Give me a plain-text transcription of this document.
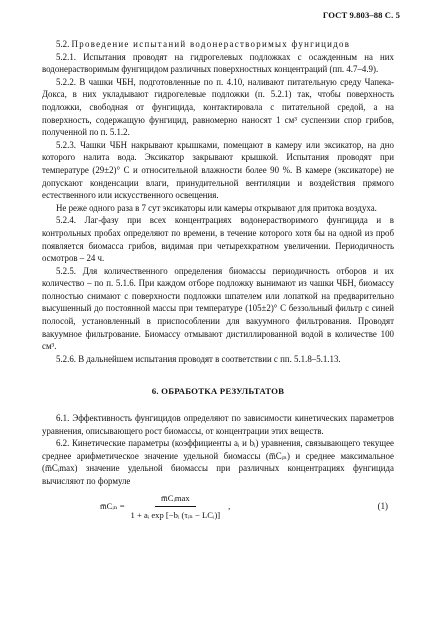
ГОСТ 9.803–88 С. 5

5.2. Проведение испытаний водонерастворимых фунгицидов

5.2.1. Испытания проводят на гидрогелевых подложках с осажденным на них водонерастворимым фунгицидом различных поверхностных концентраций (пп. 4.7–4.9).

5.2.2. В чашки ЧБН, подготовленные по п. 4.10, наливают питательную среду Чапека-Докса, в них укладывают гидрогелевые подложки (п. 5.2.1) так, чтобы поверхность подложки, свободная от фунгицида, контактировала с питательной средой, а на поверхность, содержащую фунгицид, равномерно наносят 1 см³ суспензии спор грибов, полученной по п. 5.1.2.

5.2.3. Чашки ЧБН накрывают крышками, помещают в камеру или эксикатор, на дно которого налита вода. Эксикатор закрывают крышкой. Испытания проводят при температуре (29±2)° С и относительной влажности более 90 %. В камере (эксикаторе) не допускают конденсации влаги, принудительной вентиляции и воздействия прямого естественного или искусственного освещения.

Не реже одного раза в 7 сут эксикаторы или камеры открывают для притока воздуха.

5.2.4. Лаг-фазу при всех концентрациях водонерастворимого фунгицида и в контрольных пробах определяют по времени, в течение которого хотя бы на одной из проб появляется биомасса грибов, видимая при четырехкратном увеличении. Периодичность осмотров – 24 ч.

5.2.5. Для количественного определения биомассы периодичность отборов и их количество – по п. 5.1.6. При каждом отборе подложку вынимают из чашки ЧБН, биомассу полностью снимают с поверхности подложки шпателем или лопаткой на предварительно высушенный до постоянной массы при температуре (105±2)° С беззольный фильтр с синей полосой, установленный в приспособлении для вакуумного фильтрования. Проводят вакуумное фильтрование. Биомассу отмывают дистиллированной водой в количестве 100 см³.

5.2.6. В дальнейшем испытания проводят в соответствии с пп. 5.1.8–5.1.13.

6. ОБРАБОТКА РЕЗУЛЬТАТОВ

6.1. Эффективность фунгицидов определяют по зависимости кинетических параметров уравнения, описывающего рост биомассы, от концентрации этих веществ.

6.2. Кинетические параметры (коэффициенты aᵢ и bᵢ) уравнения, связывающего текущее среднее арифметическое значение удельной биомассы (m̅Cᵢₙ) и среднее максимальное (m̅Cᵢmax) значение удельной биомассы при различных концентрациях фунгицида вычисляют по формуле

m̅Cᵢₙ = $\frac{\text{m̅Cᵢmax}}{\text{1 + aᵢ exp [−bᵢ (τᵢₙ − LCᵢ)]}}$ ,	(1)
